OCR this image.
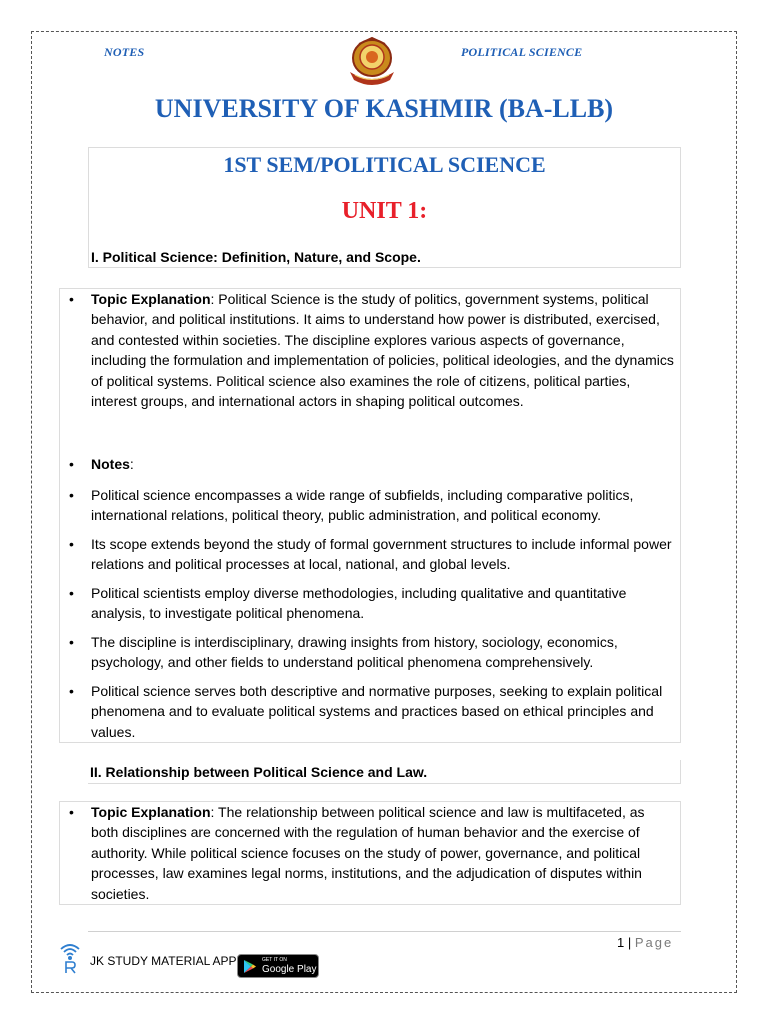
NOTES	POLITICAL SCIENCE
UNIVERSITY OF KASHMIR (BA-LLB)
1ST SEM/POLITICAL SCIENCE
UNIT 1:
I. Political Science: Definition, Nature, and Scope.
• Topic Explanation: Political Science is the study of politics, government systems, political behavior, and political institutions. It aims to understand how power is distributed, exercised, and contested within societies. The discipline explores various aspects of governance, including the formulation and implementation of policies, political ideologies, and the dynamics of political systems. Political science also examines the role of citizens, political parties, interest groups, and international actors in shaping political outcomes.
• Notes:
• Political science encompasses a wide range of subfields, including comparative politics, international relations, political theory, public administration, and political economy.
• Its scope extends beyond the study of formal government structures to include informal power relations and political processes at local, national, and global levels.
• Political scientists employ diverse methodologies, including qualitative and quantitative analysis, to investigate political phenomena.
• The discipline is interdisciplinary, drawing insights from history, sociology, economics, psychology, and other fields to understand political phenomena comprehensively.
• Political science serves both descriptive and normative purposes, seeking to explain political phenomena and to evaluate political systems and practices based on ethical principles and values.
II. Relationship between Political Science and Law.
• Topic Explanation: The relationship between political science and law is multifaceted, as both disciplines are concerned with the regulation of human behavior and the exercise of authority. While political science focuses on the study of power, governance, and political processes, law examines legal norms, institutions, and the adjudication of disputes within societies.
1 | Page
JK STUDY MATERIAL APP	GET IT ON
Google Play
